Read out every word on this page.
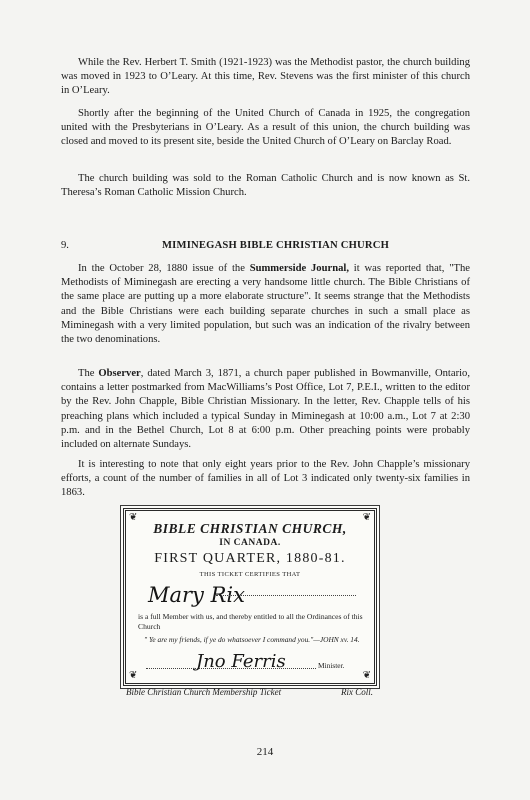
While the Rev. Herbert T. Smith (1921-1923) was the Methodist pastor, the church building was moved in 1923 to O’Leary. At this time, Rev. Stevens was the first minister of this church in O’Leary.

Shortly after the beginning of the United Church of Canada in 1925, the congregation united with the Presbyterians in O’Leary. As a result of this union, the church building was closed and moved to its present site, beside the United Church of O’Leary on Barclay Road.

The church building was sold to the Roman Catholic Church and is now known as St. Theresa’s Roman Catholic Mission Church.

9.	MIMINEGASH BIBLE CHRISTIAN CHURCH

In the October 28, 1880 issue of the Summerside Journal, it was reported that, "The Methodists of Miminegash are erecting a very handsome little church. The Bible Christians of the same place are putting up a more elaborate structure". It seems strange that the Methodists and the Bible Christians were each building separate churches in such a small place as Miminegash with a very limited population, but such was an indication of the rivalry between the two denominations.

The Observer, dated March 3, 1871, a church paper published in Bowmanville, Ontario, contains a letter postmarked from MacWilliams’s Post Office, Lot 7, P.E.I., written to the editor by the Rev. John Chapple, Bible Christian Missionary. In the letter, Rev. Chapple tells of his preaching plans which included a typical Sunday in Miminegash at 10:00 a.m., Lot 7 at 2:30 p.m. and in the Bethel Church, Lot 8 at 6:00 p.m. Other preaching points were probably included on alternate Sundays.

It is interesting to note that only eight years prior to the Rev. John Chapple’s missionary efforts, a count of the number of families in all of Lot 3 indicated only twenty-six families in 1863.

❦	❦
❦	❦
BIBLE CHRISTIAN CHURCH,
IN CANADA.
FIRST QUARTER, 1880-81.
THIS TICKET CERTIFIES THAT
Mary Rix
is a full Member with us, and thereby entitled to all the Ordinances of this Church
" Ye are my friends, if ye do whatsoever I command you."—JOHN xv. 14.
Jno Ferris	Minister.
Bible Christian Church Membership Ticket	Rix Coll.
214
